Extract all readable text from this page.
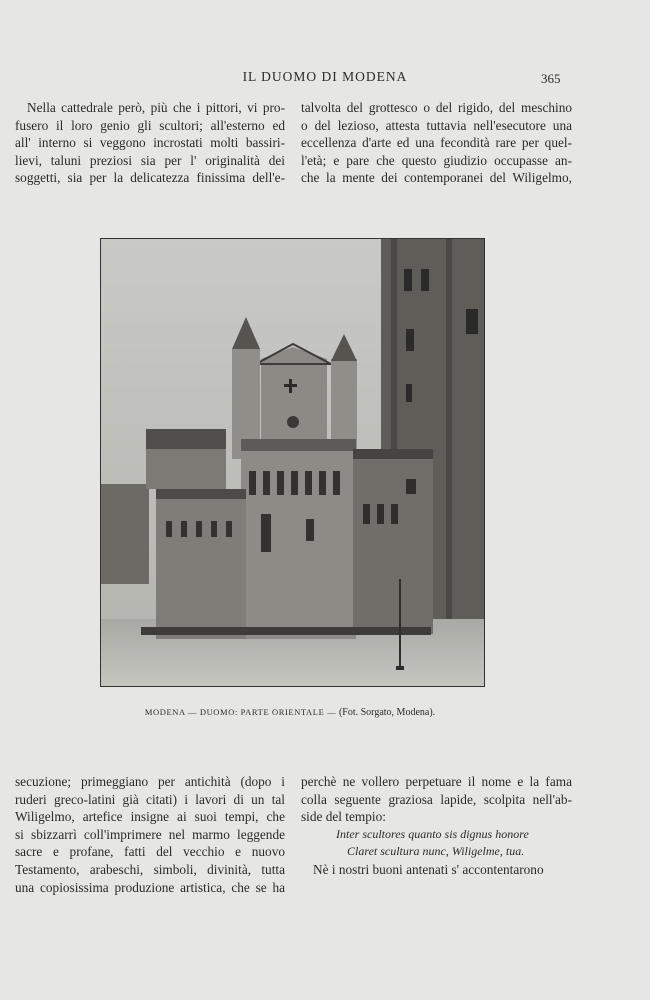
IL DUOMO DI MODENA	365
Nella cattedrale però, più che i pittori, vi pro-
fusero il loro genio gli scultori; all'esterno ed
all' interno si veggono incrostati molti bassiri-
lievi, taluni preziosi sia per l' originalità dei
soggetti, sia per la delicatezza finissima dell'e-
talvolta del grottesco o del rigido, del meschino
o del lezioso, attesta tuttavia nell'esecutore una
eccellenza d'arte ed una fecondità rare per quel-
l'età; e pare che questo giudizio occupasse an-
che la mente dei contemporanei del Wiligelmo,
MODENA — DUOMO: PARTE ORIENTALE — (Fot. Sorgato, Modena).
secuzione; primeggiano per antichità (dopo i
ruderi greco-latini già citati) i lavori di un tal
Wiligelmo, artefice insigne ai suoi tempi, che
si sbizzarrì coll'imprimere nel marmo leggende
sacre e profane, fatti del vecchio e nuovo
Testamento, arabeschi, simboli, divinità, tutta
una copiosissima produzione artistica, che se ha
perchè ne vollero perpetuare il nome e la fama
colla seguente graziosa lapide, scolpita nell'ab-
side del tempio:
Inter scultores quanto sis dignus honore
Claret scultura nunc, Wiligelme, tua.
Nè i nostri buoni antenati s' accontentarono
